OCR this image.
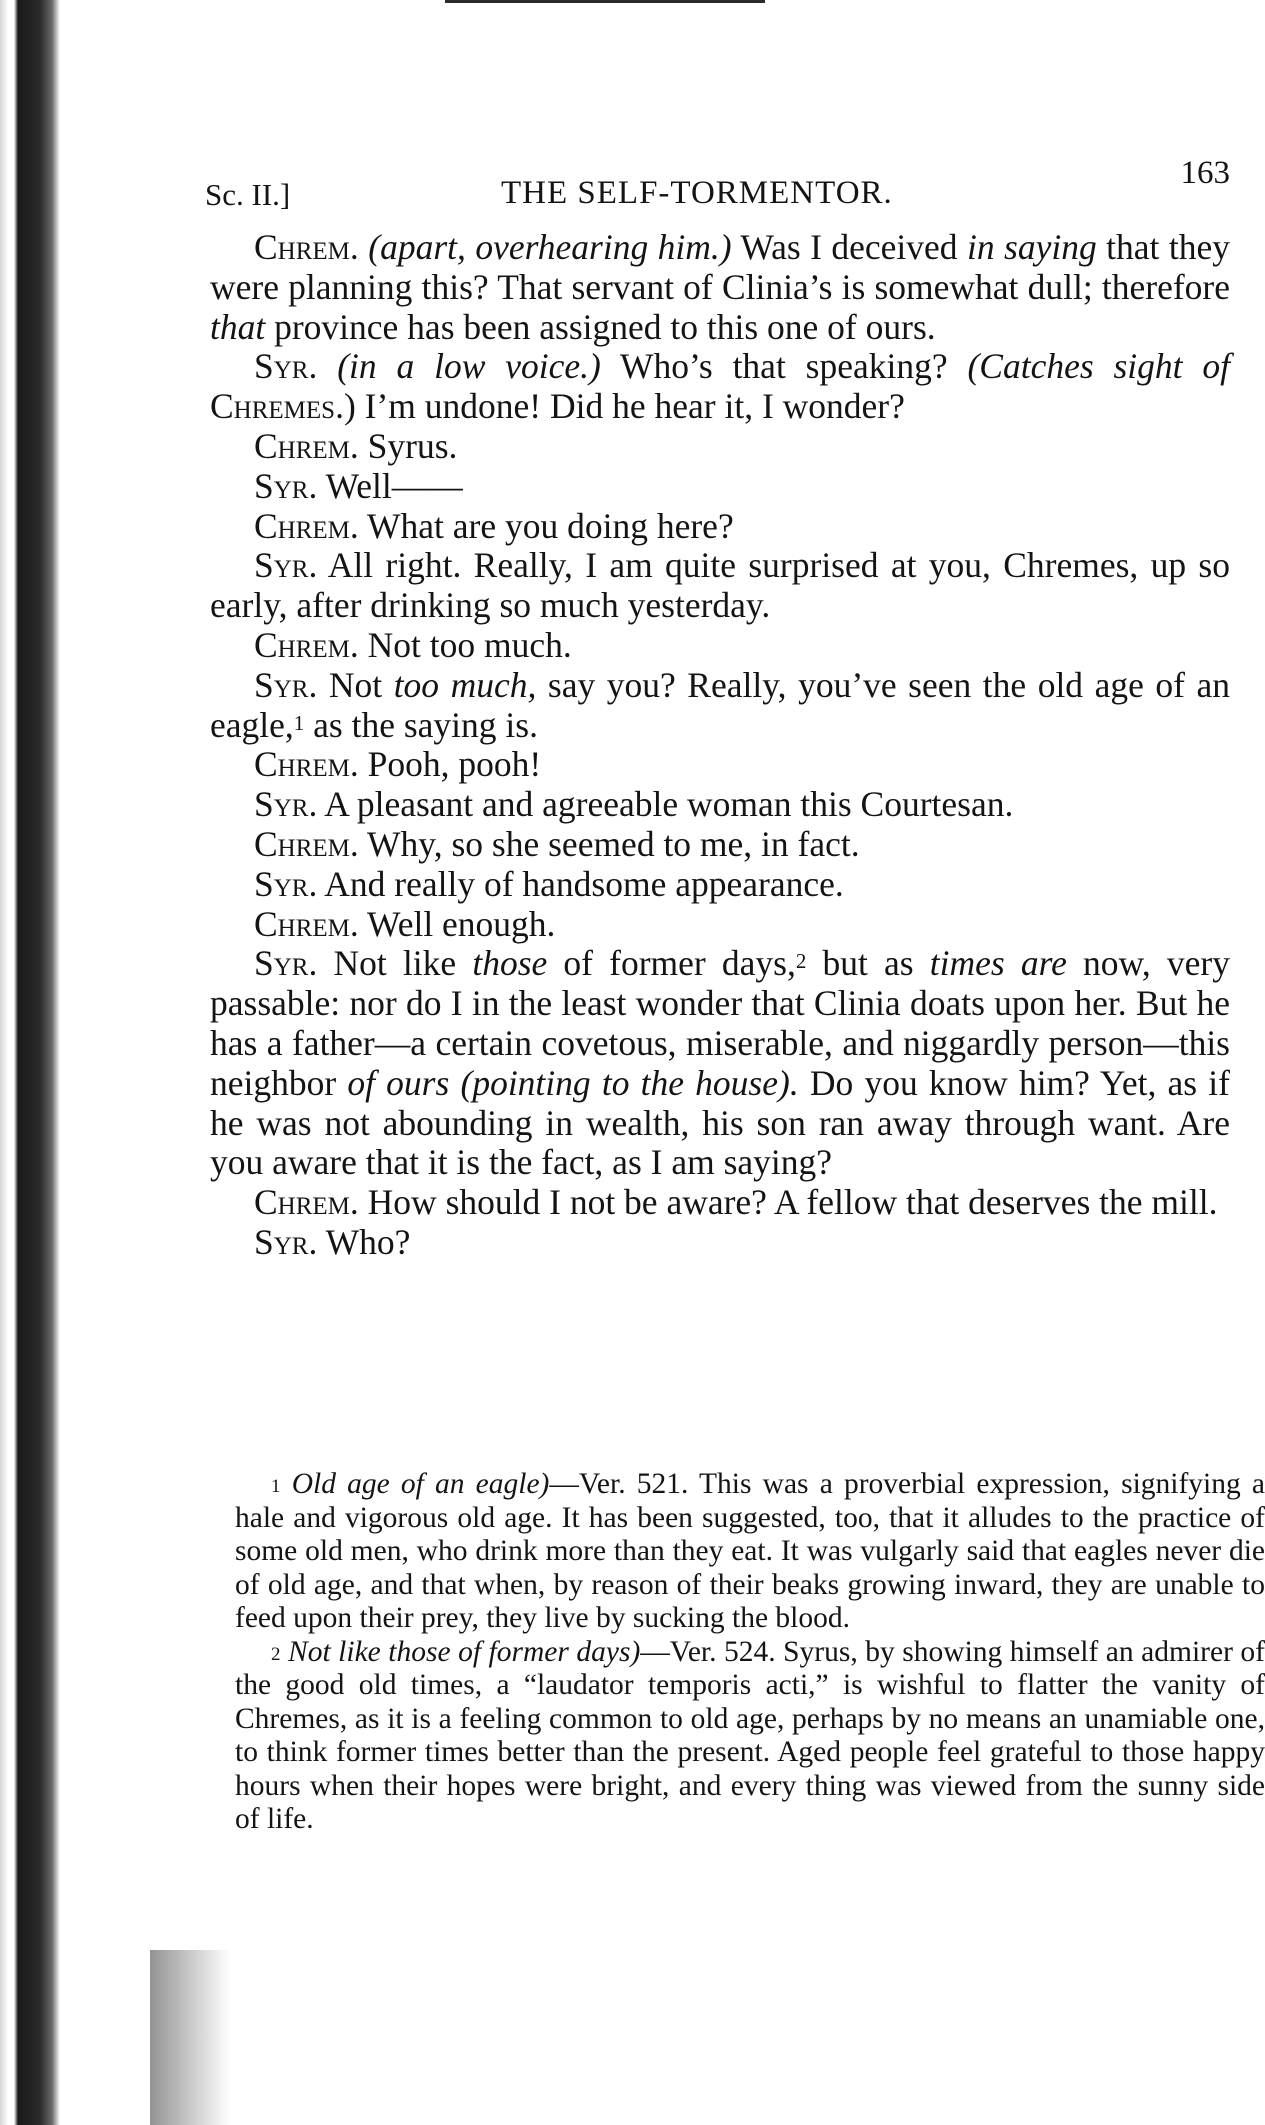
Sc. II.]	THE SELF-TORMENTOR.
163

Chrem. (apart, overhearing him.) Was I deceived in saying that they were planning this? That servant of Clinia’s is somewhat dull; therefore that province has been assigned to this one of ours.

Syr. (in a low voice.) Who’s that speaking? (Catches sight of Chremes.) I’m undone! Did he hear it, I wonder?

Chrem. Syrus.

Syr. Well——

Chrem. What are you doing here?

Syr. All right. Really, I am quite surprised at you, Chremes, up so early, after drinking so much yesterday.

Chrem. Not too much.

Syr. Not too much, say you? Really, you’ve seen the old age of an eagle,$^1$ as the saying is.

Chrem. Pooh, pooh!

Syr. A pleasant and agreeable woman this Courtesan.

Chrem. Why, so she seemed to me, in fact.

Syr. And really of handsome appearance.

Chrem. Well enough.

Syr. Not like those of former days,$^2$ but as times are now, very passable: nor do I in the least wonder that Clinia doats upon her. But he has a father—a certain covetous, miserable, and niggardly person—this neighbor of ours (pointing to the house). Do you know him? Yet, as if he was not abounding in wealth, his son ran away through want. Are you aware that it is the fact, as I am saying?

Chrem. How should I not be aware? A fellow that deserves the mill.

Syr. Who?

$^1$ Old age of an eagle)—Ver. 521. This was a proverbial expression, signifying a hale and vigorous old age. It has been suggested, too, that it alludes to the practice of some old men, who drink more than they eat. It was vulgarly said that eagles never die of old age, and that when, by reason of their beaks growing inward, they are unable to feed upon their prey, they live by sucking the blood.

$^2$ Not like those of former days)—Ver. 524. Syrus, by showing himself an admirer of the good old times, a “laudator temporis acti,” is wishful to flatter the vanity of Chremes, as it is a feeling common to old age, perhaps by no means an unamiable one, to think former times better than the present. Aged people feel grateful to those happy hours when their hopes were bright, and every thing was viewed from the sunny side of life.
